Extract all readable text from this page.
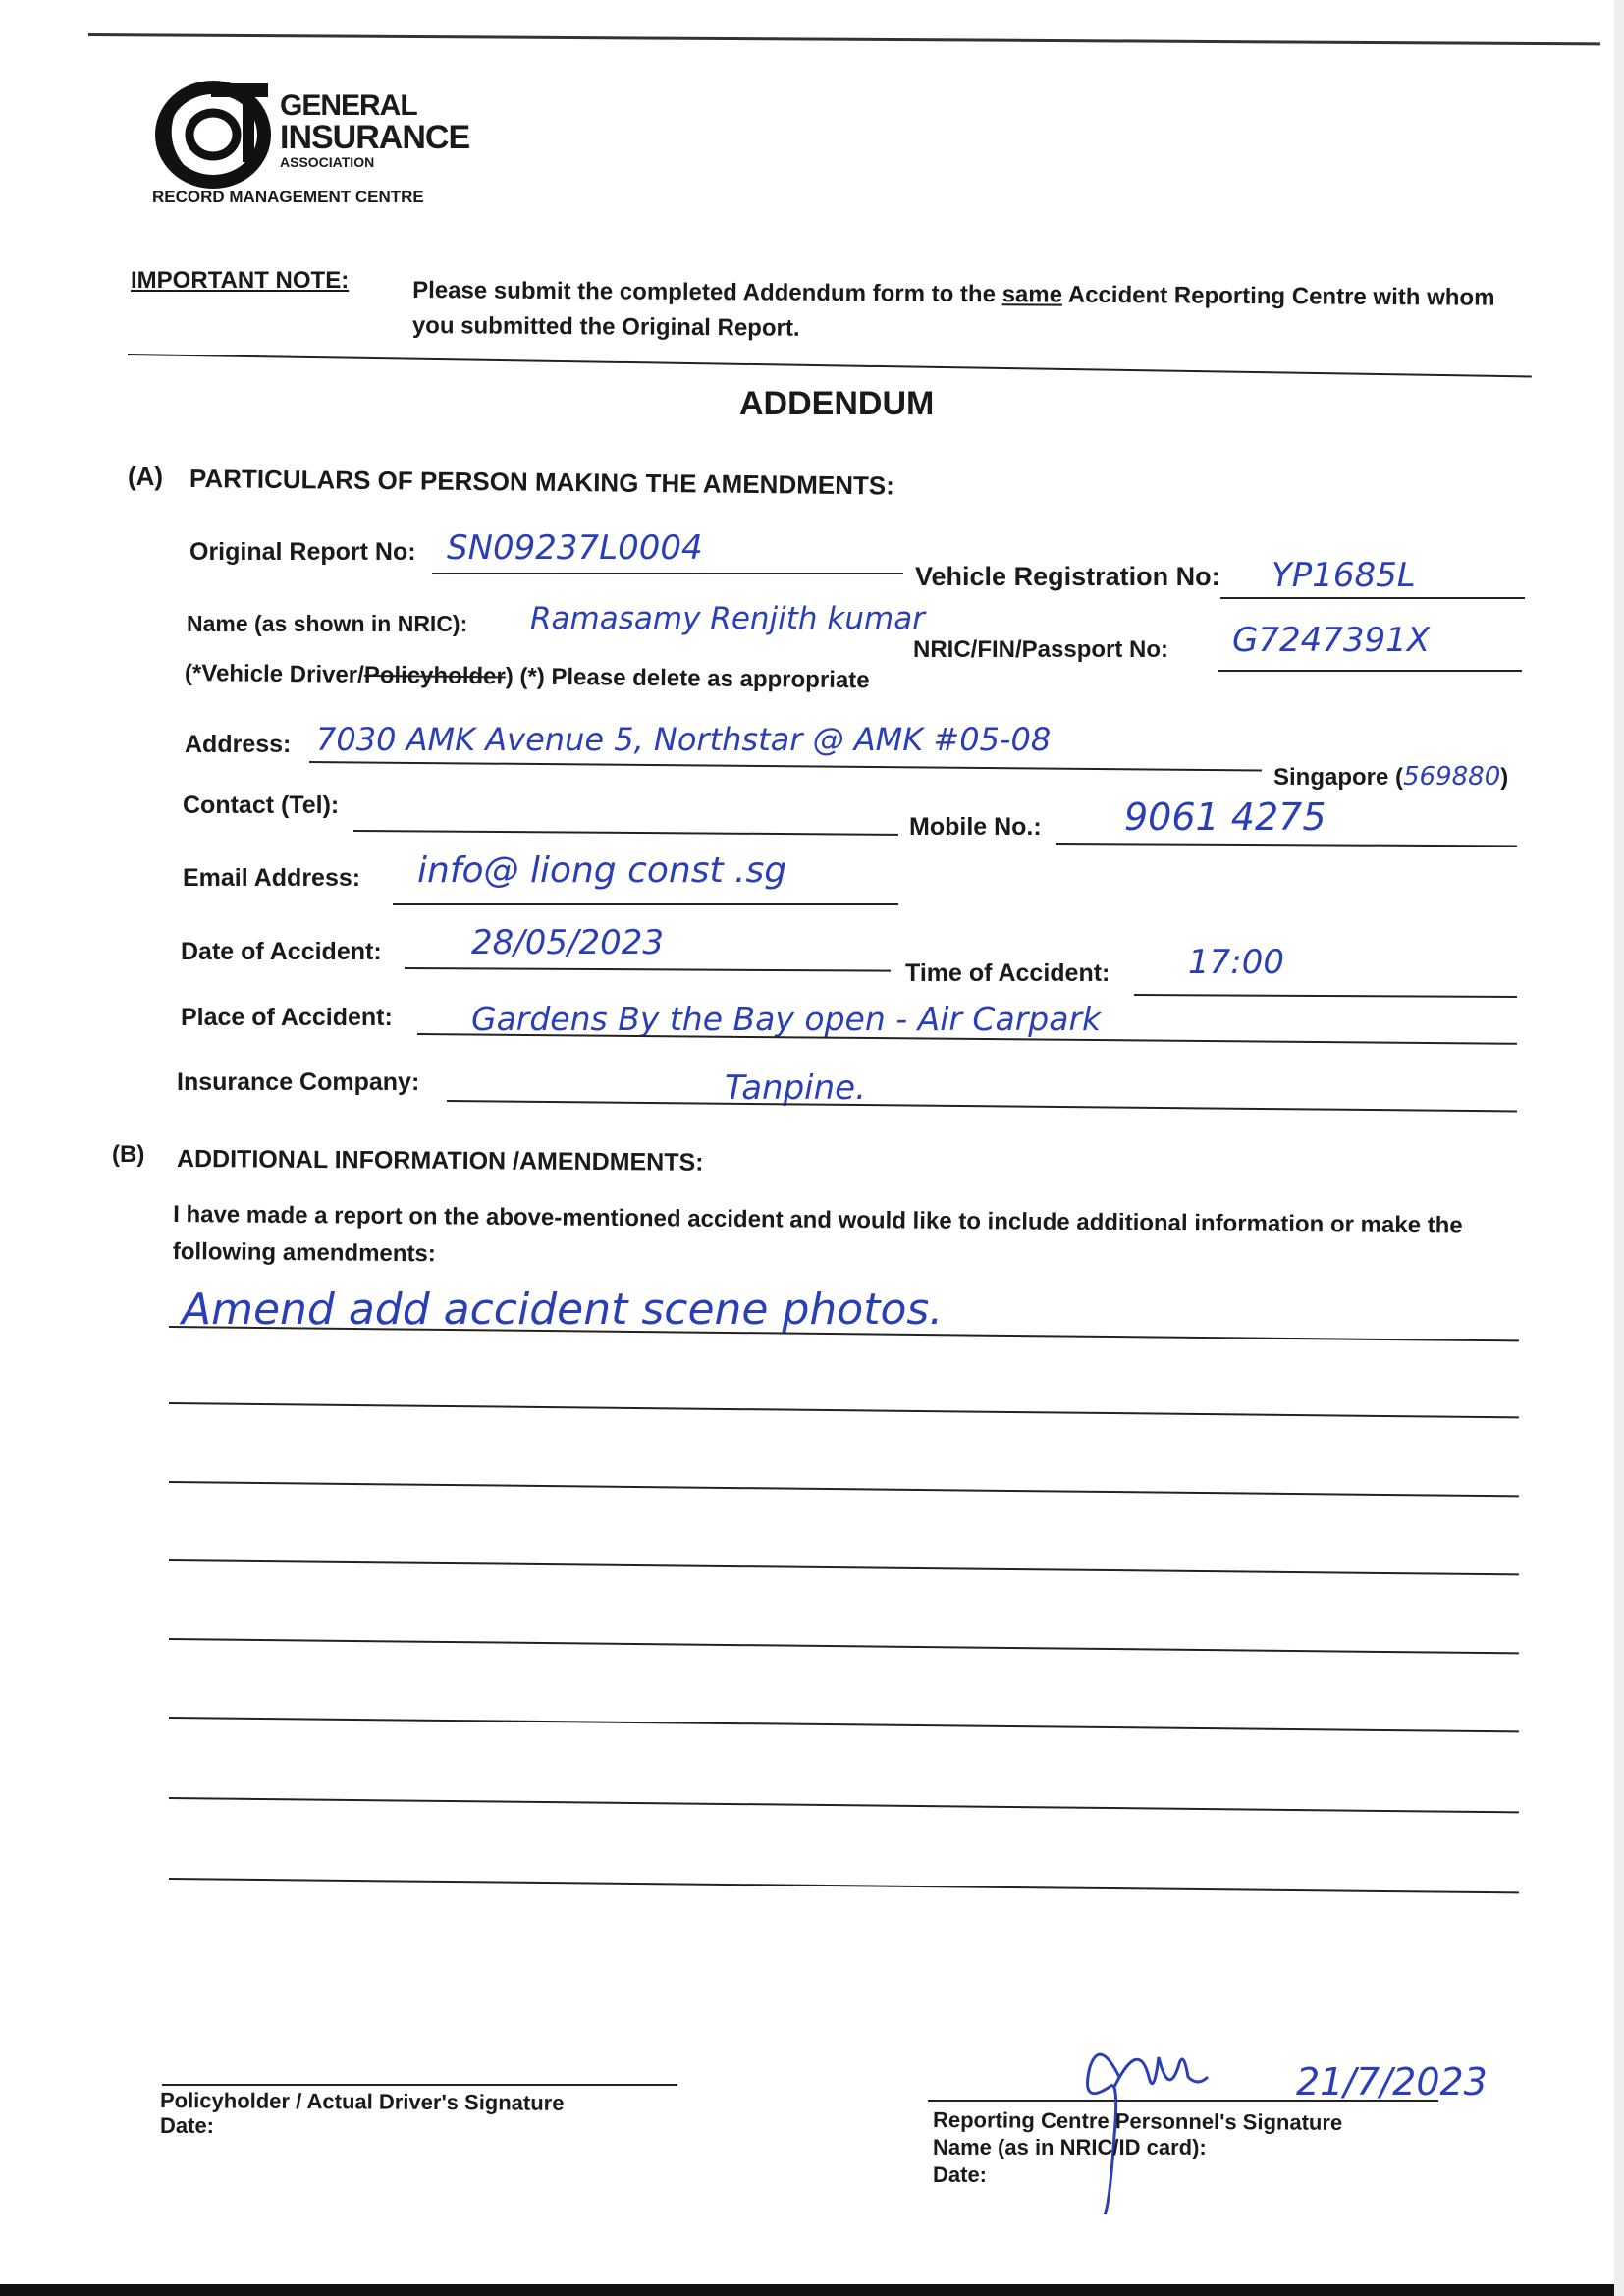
GENERAL
INSURANCE
ASSOCIATION
RECORD MANAGEMENT CENTRE
IMPORTANT NOTE:	Please submit the completed Addendum form to the same Accident Reporting Centre with whom you submitted the Original Report.
ADDENDUM
(A) PARTICULARS OF PERSON MAKING THE AMENDMENTS:
Original Report No: SN09237L0004
Vehicle Registration No: YP1685L
Name (as shown in NRIC): Ramasamy Renjith kumar
NRIC/FIN/Passport No: G7247391X
(*Vehicle Driver/Policyholder) (*) Please delete as appropriate
Address: 7030 AMK Avenue 5, Northstar @ AMK #05-08
Singapore (569880)
Contact (Tel):
Mobile No.: 9061 4275
Email Address: info@ liong const .sg
Date of Accident:	28/05/2023
Time of Accident: 17:00
Place of Accident: Gardens By the Bay open - Air Carpark
Insurance Company:	Tanpine.
(B) ADDITIONAL INFORMATION /AMENDMENTS:
I have made a report on the above-mentioned accident and would like to include additional information or make the following amendments:
Amend add accident scene photos.
Policyholder / Actual Driver's Signature
Date:
21/7/2023
Reporting Centre Personnel's Signature
Name (as in NRIC/ID card):
Date:
